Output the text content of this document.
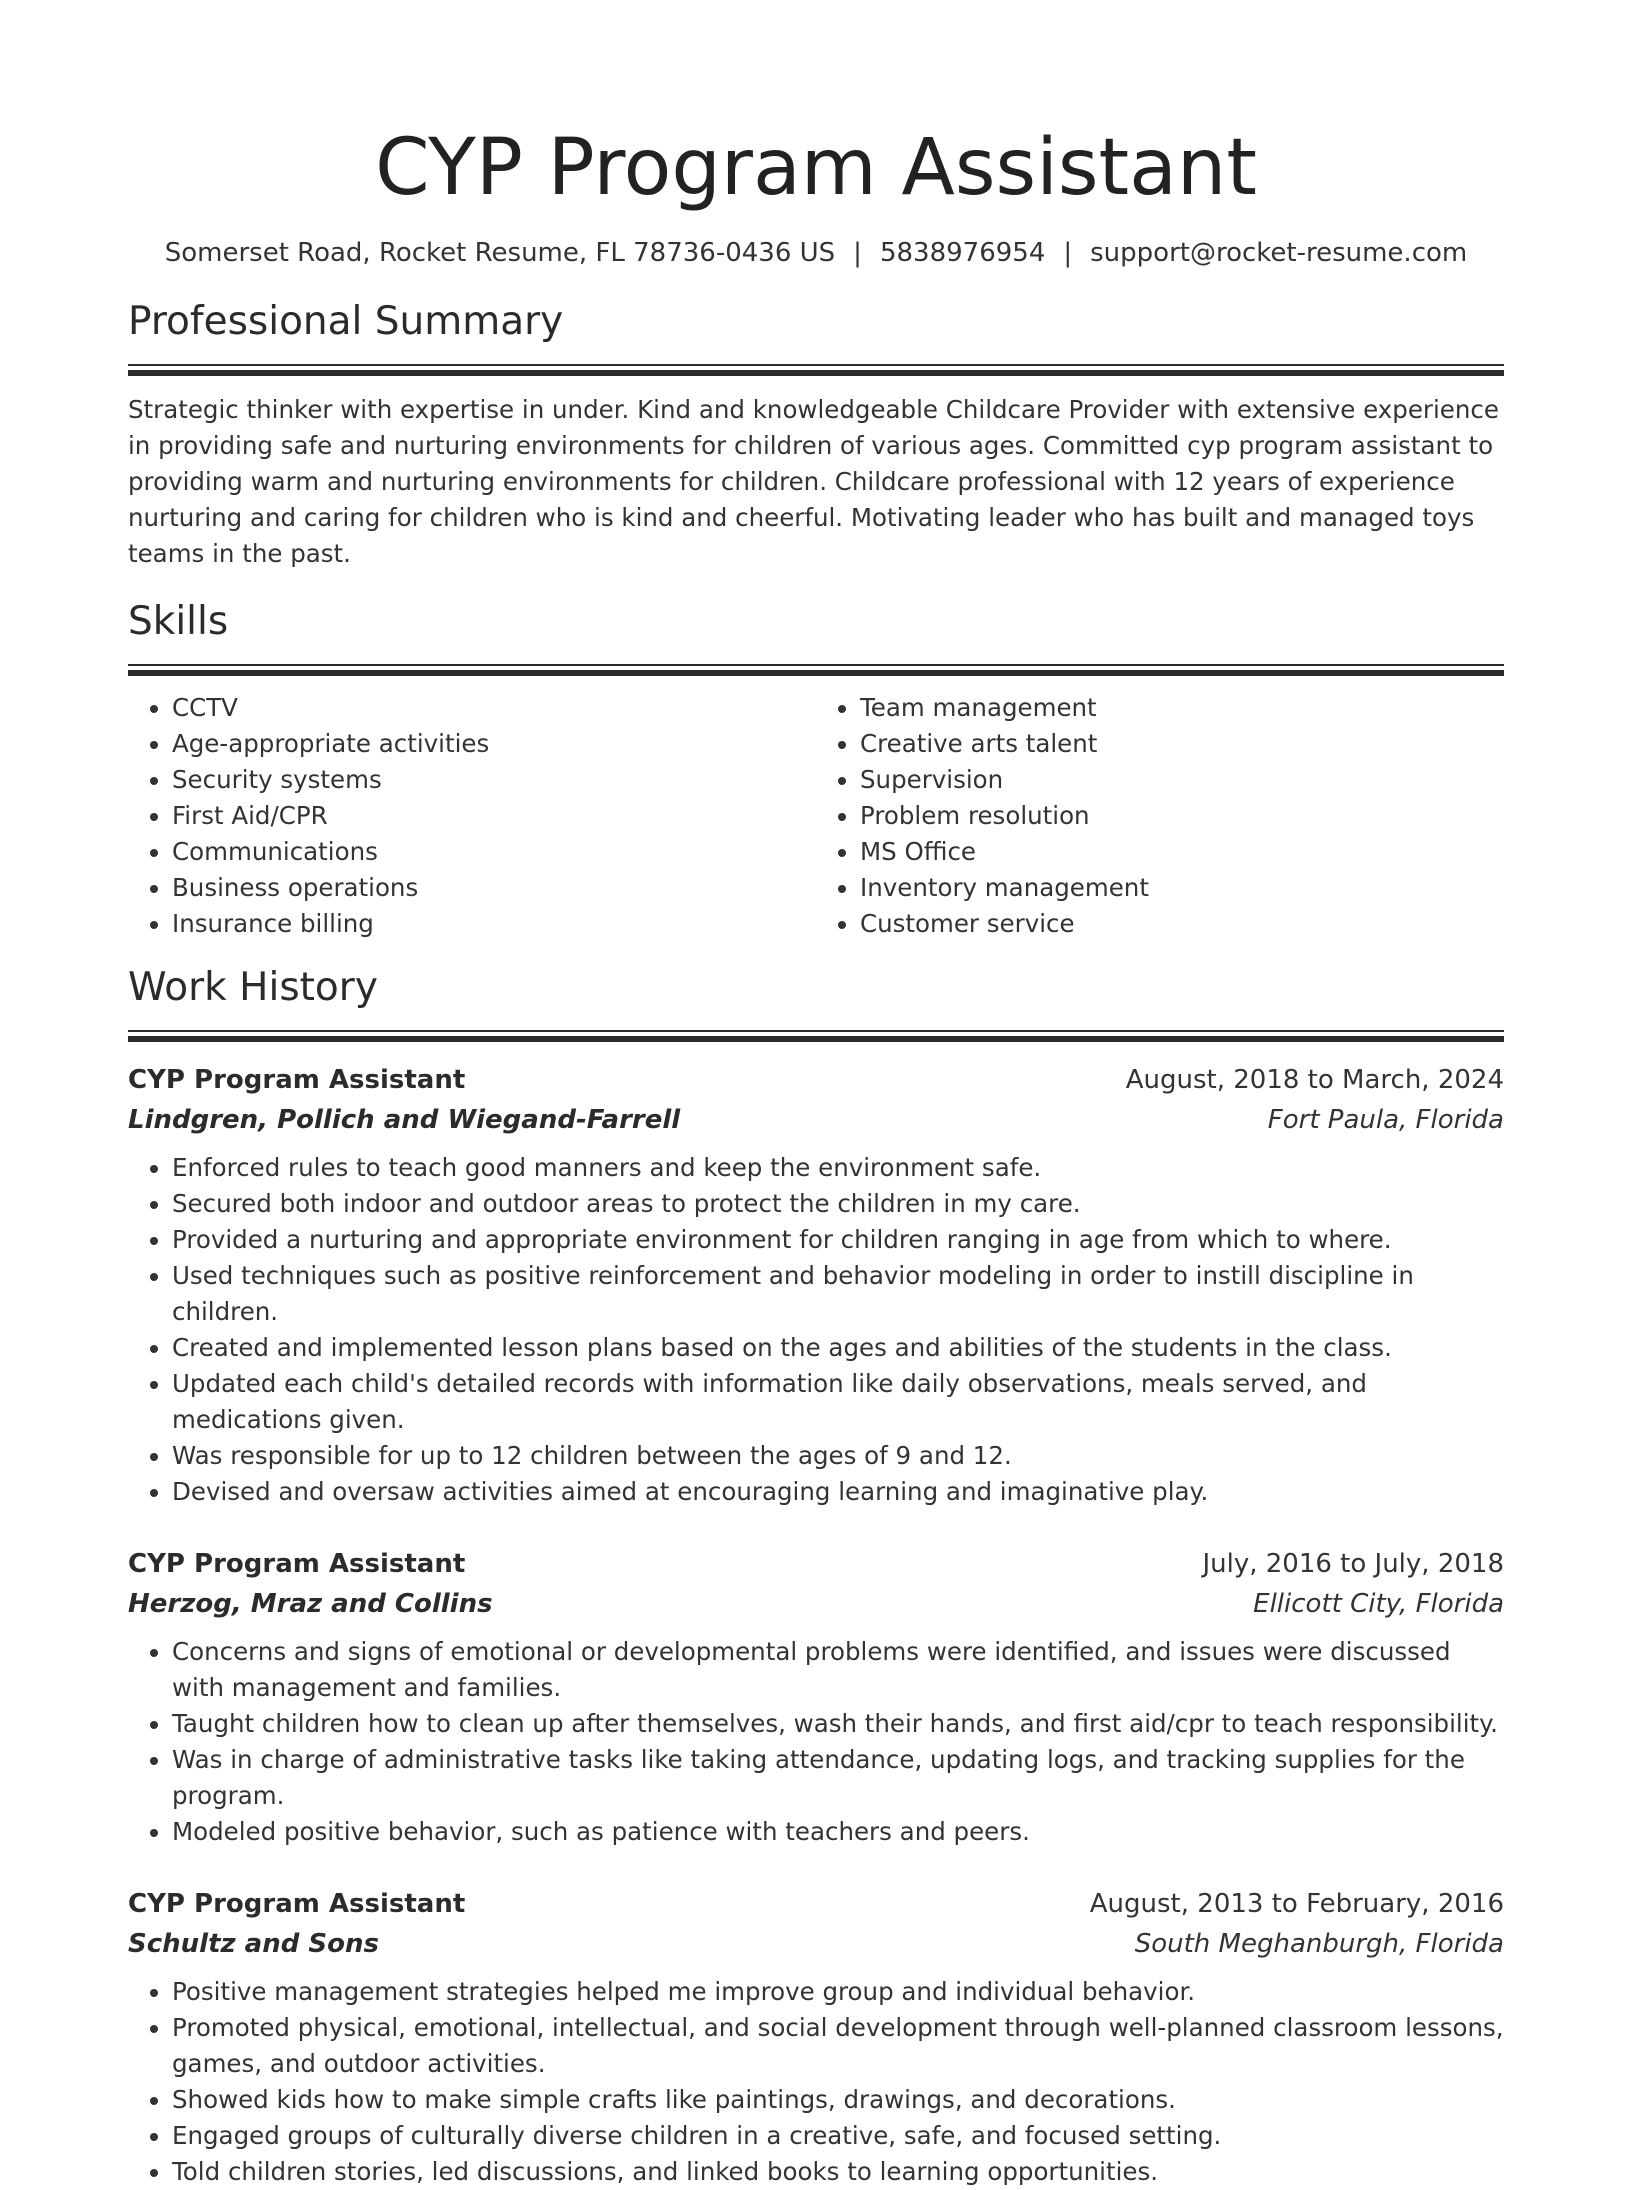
CYP Program Assistant
Somerset Road, Rocket Resume, FL 78736-0436 US | 5838976954 | support@rocket-resume.com
Professional Summary

Strategic thinker with expertise in under. Kind and knowledgeable Childcare Provider with extensive experience in providing safe and nurturing environments for children of various ages. Committed cyp program assistant to providing warm and nurturing environments for children. Childcare professional with 12 years of experience nurturing and caring for children who is kind and cheerful. Motivating leader who has built and managed toys teams in the past.

Skills
• CCTV
• Age-appropriate activities
• Security systems
• First Aid/CPR
• Communications
• Business operations
• Insurance billing
• Team management
• Creative arts talent
• Supervision
• Problem resolution
• MS Office
• Inventory management
• Customer service
Work History
CYP Program Assistant	August, 2018 to March, 2024
Lindgren, Pollich and Wiegand-Farrell	Fort Paula, Florida
• Enforced rules to teach good manners and keep the environment safe.
• Secured both indoor and outdoor areas to protect the children in my care.
• Provided a nurturing and appropriate environment for children ranging in age from which to where.
• Used techniques such as positive reinforcement and behavior modeling in order to instill discipline in children.
• Created and implemented lesson plans based on the ages and abilities of the students in the class.
• Updated each child's detailed records with information like daily observations, meals served, and medications given.
• Was responsible for up to 12 children between the ages of 9 and 12.
• Devised and oversaw activities aimed at encouraging learning and imaginative play.
CYP Program Assistant	July, 2016 to July, 2018
Herzog, Mraz and Collins	Ellicott City, Florida
• Concerns and signs of emotional or developmental problems were identified, and issues were discussed with management and families.
• Taught children how to clean up after themselves, wash their hands, and first aid/cpr to teach responsibility.
• Was in charge of administrative tasks like taking attendance, updating logs, and tracking supplies for the program.
• Modeled positive behavior, such as patience with teachers and peers.
CYP Program Assistant	August, 2013 to February, 2016
Schultz and Sons	South Meghanburgh, Florida
• Positive management strategies helped me improve group and individual behavior.
• Promoted physical, emotional, intellectual, and social development through well-planned classroom lessons, games, and outdoor activities.
• Showed kids how to make simple crafts like paintings, drawings, and decorations.
• Engaged groups of culturally diverse children in a creative, safe, and focused setting.
• Told children stories, led discussions, and linked books to learning opportunities.
